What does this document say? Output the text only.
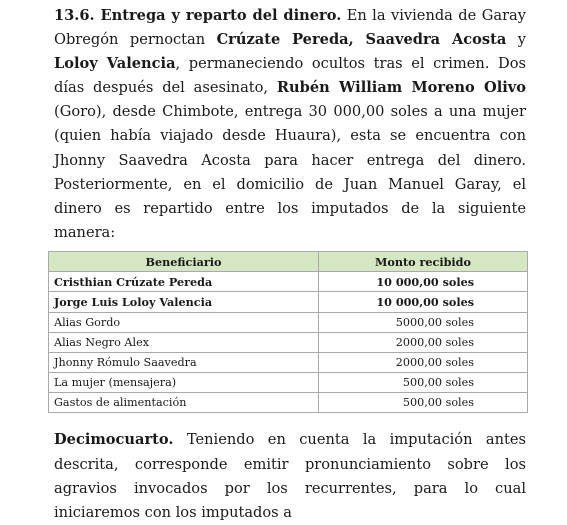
13.6. Entrega y reparto del dinero. En la vivienda de Garay Obregón pernoctan Crúzate Pereda, Saavedra Acosta y Loloy Valencia, permaneciendo ocultos tras el crimen. Dos días después del asesinato, Rubén William Moreno Olivo (Goro), desde Chimbote, entrega 30 000,00 soles a una mujer (quien había viajado desde Huaura), esta se encuentra con Jhonny Saavedra Acosta para hacer entrega del dinero. Posteriormente, en el domicilio de Juan Manuel Garay, el dinero es repartido entre los imputados de la siguiente manera:

Beneficiario	Monto recibido
Cristhian Crúzate Pereda	10 000,00 soles
Jorge Luis Loloy Valencia	10 000,00 soles
Alias Gordo	5000,00 soles
Alias Negro Alex	2000,00 soles
Jhonny Rómulo Saavedra	2000,00 soles
La mujer (mensajera)	500,00 soles
Gastos de alimentación	500,00 soles

Decimocuarto. Teniendo en cuenta la imputación antes descrita, corresponde emitir pronunciamiento sobre los agravios invocados por los recurrentes, para lo cual iniciaremos con los imputados a
